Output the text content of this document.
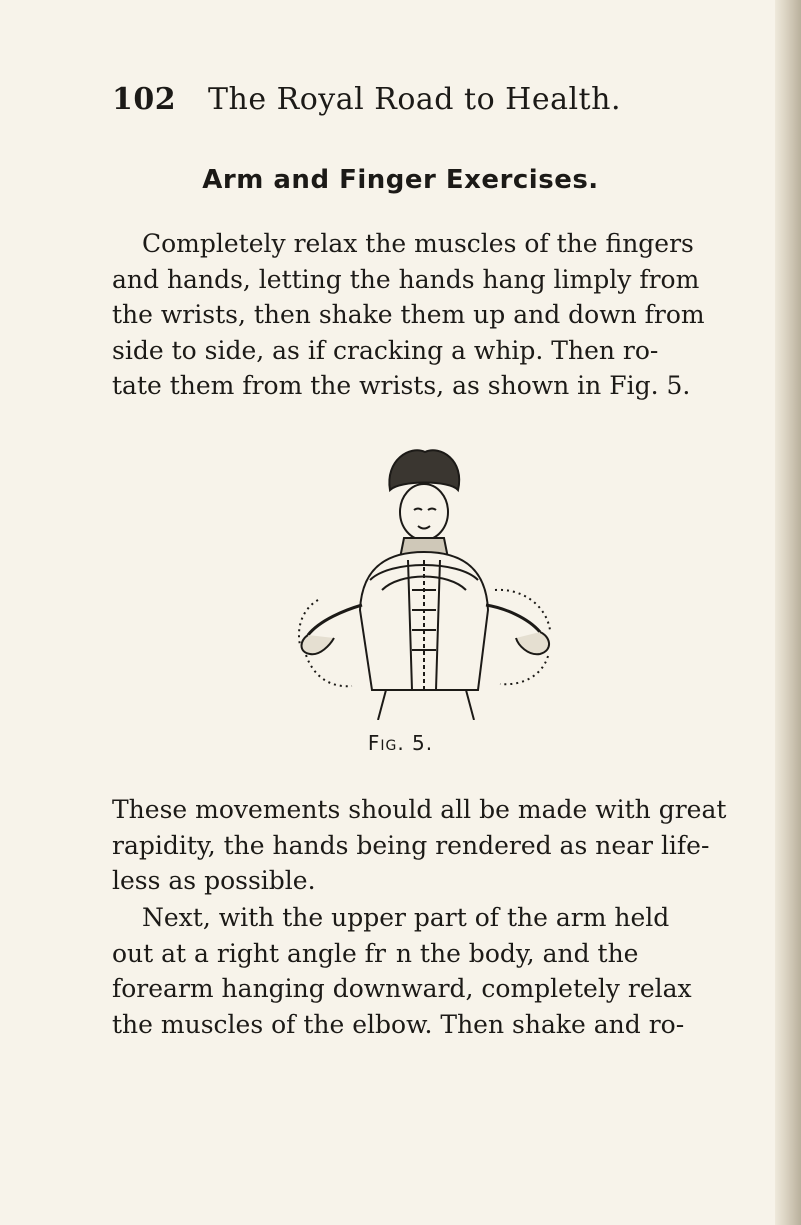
102 The Royal Road to Health.
Arm and Finger Exercises.
Completely relax the muscles of the fingers
and hands, letting the hands hang limply from
the wrists, then shake them up and down from
side to side, as if cracking a whip. Then ro-
tate them from the wrists, as shown in Fig. 5.
Fig. 5.
These movements should all be made with great
rapidity, the hands being rendered as near life-
less as possible.
Next, with the upper part of the arm held
out at a right angle fr  n the body, and the
forearm hanging downward, completely relax
the muscles of the elbow. Then shake and ro-
